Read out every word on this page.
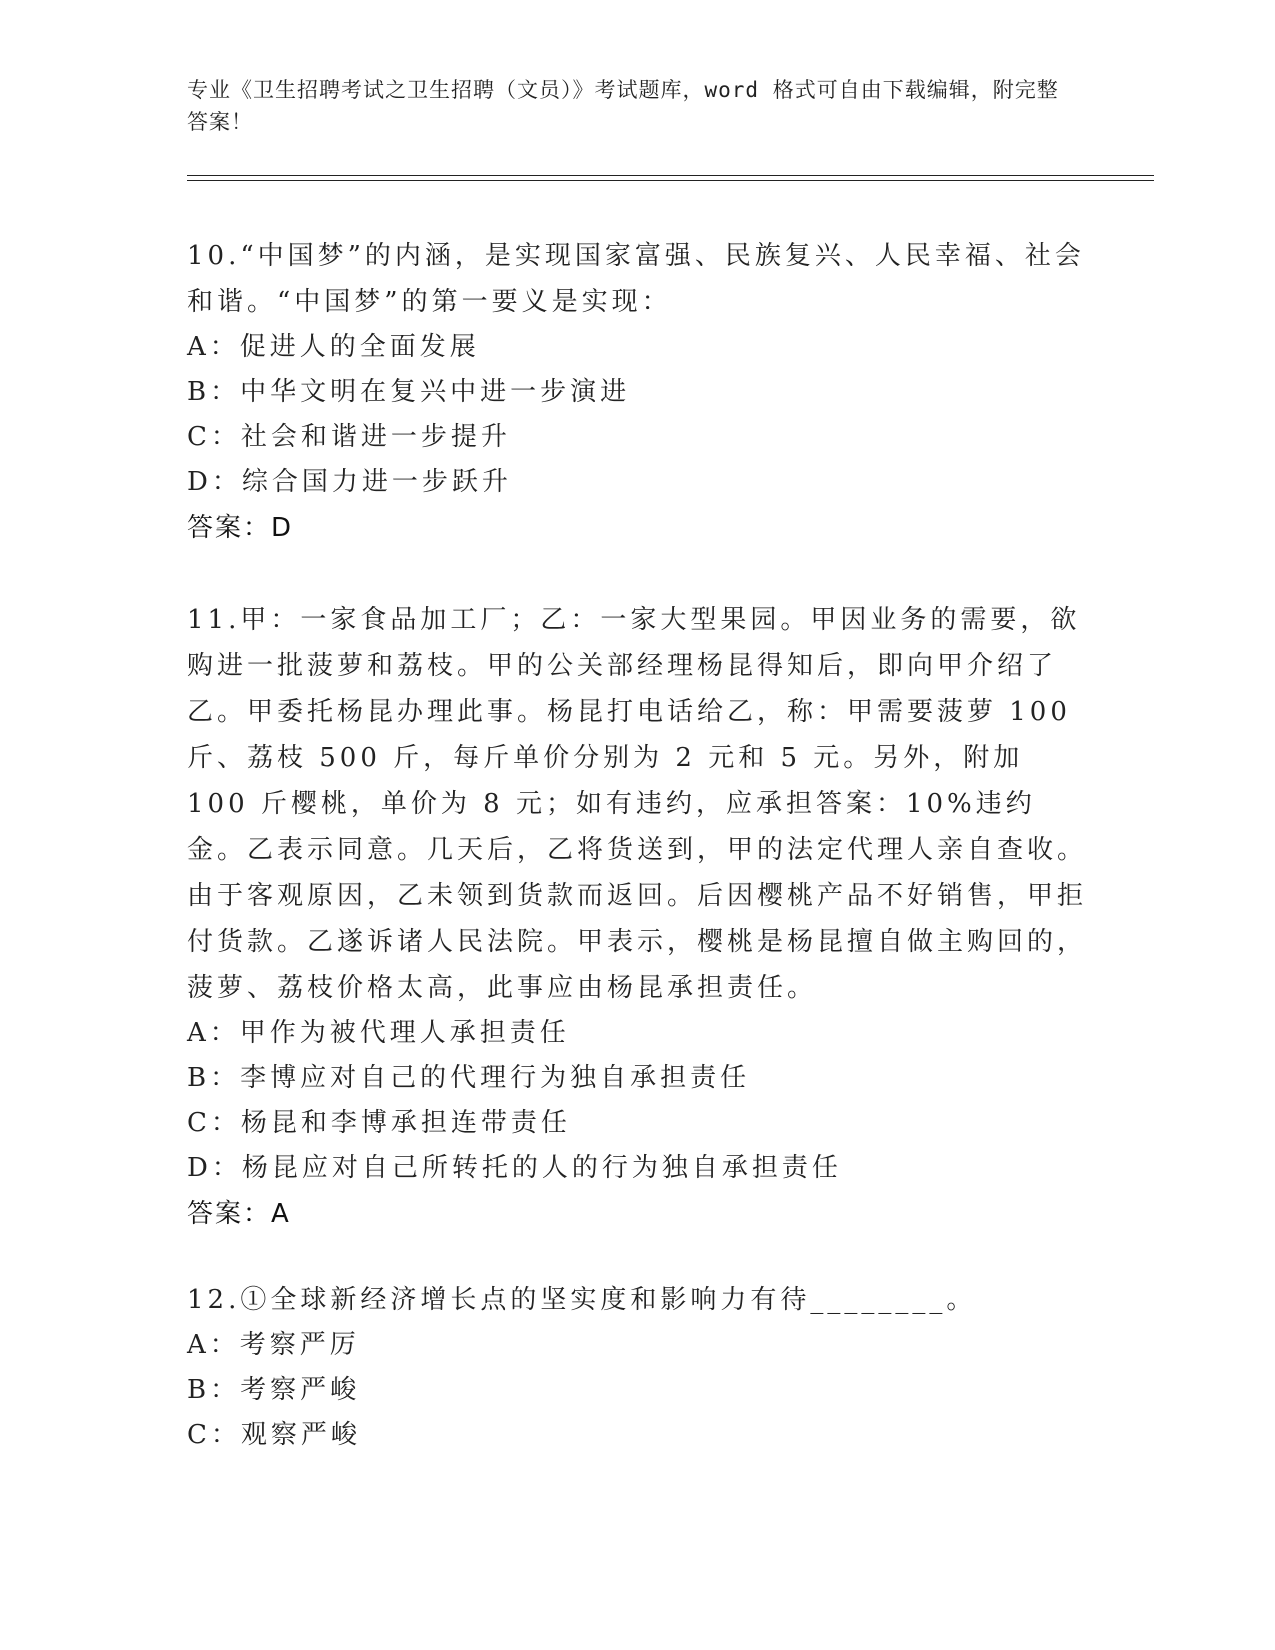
专业《卫生招聘考试之卫生招聘（文员）》考试题库，word 格式可自由下载编辑，附完整答案！
10.“中国梦”的内涵，是实现国家富强、民族复兴、人民幸福、社会和谐。“中国梦”的第一要义是实现：
A：促进人的全面发展
B：中华文明在复兴中进一步演进
C：社会和谐进一步提升
D：综合国力进一步跃升
答案：D
11.甲：一家食品加工厂；乙：一家大型果园。甲因业务的需要，欲购进一批菠萝和荔枝。甲的公关部经理杨昆得知后，即向甲介绍了乙。甲委托杨昆办理此事。杨昆打电话给乙，称：甲需要菠萝 100 斤、荔枝 500 斤，每斤单价分别为 2 元和 5 元。另外，附加 100 斤樱桃，单价为 8 元；如有违约，应承担答案：10%违约金。乙表示同意。几天后，乙将货送到，甲的法定代理人亲自查收。由于客观原因，乙未领到货款而返回。后因樱桃产品不好销售，甲拒付货款。乙遂诉诸人民法院。甲表示，樱桃是杨昆擅自做主购回的，菠萝、荔枝价格太高，此事应由杨昆承担责任。
A：甲作为被代理人承担责任
B：李博应对自己的代理行为独自承担责任
C：杨昆和李博承担连带责任
D：杨昆应对自己所转托的人的行为独自承担责任
答案：A
12.①全球新经济增长点的坚实度和影响力有待________。
A：考察严厉
B：考察严峻
C：观察严峻
